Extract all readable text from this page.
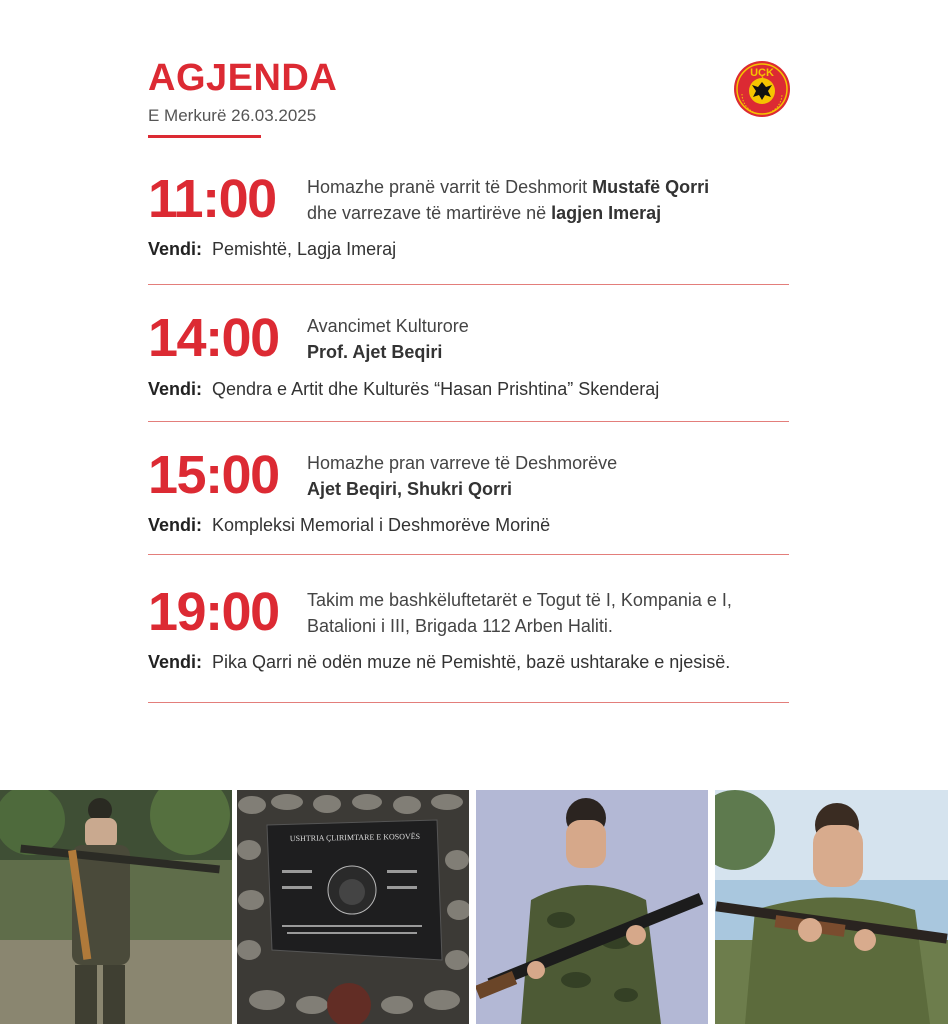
AGJENDA
E Merkurë 26.03.2025
UÇK
11:00 Homazhe pranë varrit të Deshmorit Mustafë Qorri
dhe varrezave të martirëve në lagjen Imeraj
Vendi: Pemishtë, Lagja Imeraj
14:00 Avancimet Kulturore
Prof. Ajet Beqiri
Vendi: Qendra e Artit dhe Kulturës “Hasan Prishtina” Skenderaj
15:00 Homazhe pran varreve të Deshmorëve
Ajet Beqiri, Shukri Qorri
Vendi: Kompleksi Memorial i Deshmorëve Morinë
19:00 Takim me bashkëluftetarët e Togut të I, Kompania e I,
Batalioni i III, Brigada 112 Arben Haliti.
Vendi: Pika Qarri në odën muze në Pemishtë, bazë ushtarake e njesisë.
USHTRIA ÇLIRIMTARE E KOSOVËS
